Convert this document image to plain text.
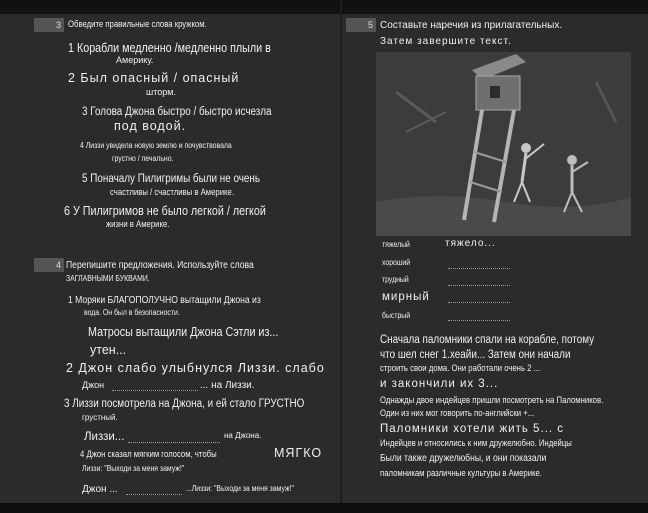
3 Обведите правильные слова кружком.
1 Корабли медленно /медленно плыли в
Америку.
2 Был опасный / опасный
шторм.
3 Голова Джона быстро / быстро исчезла
под водой.
4 Лиззи увидела новую землю и почувствовала
грустно / печально.
5 Поначалу Пилигримы были не очень
счастливы / счастливы в Америке.
6 У Пилигримов не было легкой / легкой
жизни в Америке.
4 Перепишите предложения. Используйте слова
ЗАГЛАВНЫМИ БУКВАМИ.
1 Моряки БЛАГОПОЛУЧНО вытащили Джона из
вода. Он был в безопасности.
Матросы вытащили Джона Сэтли из...
утен...
2 Джон слабо улыбнулся Лиззи. слабо
Джон	... на Лиззи.
3 Лиззи посмотрела на Джона, и ей стало ГРУСТНО
грустный.
Лиззи...	на Джона.
4 Джон сказал мягким голосом, чтобы	МЯГКО
Лиззи: "Выходи за меня замуж!"
Джон ...	...Лиззи: "Выходи за меня замуж!"
5 Составьте наречия из прилагательных.
Затем завершите текст.
тяжелый	тяжело...
хороший
трудный
мирный
быстрый
Сначала паломники спали на корабле, потому
что шел снег 1.хеайи... Затем они начали
строить свои дома. Они работали очень 2 ...
и закончили их 3...
Однажды двое индейцев пришли посмотреть на Паломников.
Один из них мог говорить по-английски +...
Паломники хотели жить 5... с
Индейцев и относились к ним дружелюбно. Индейцы
Были также дружелюбны, и они показали
паломникам различные культуры в Америке.
